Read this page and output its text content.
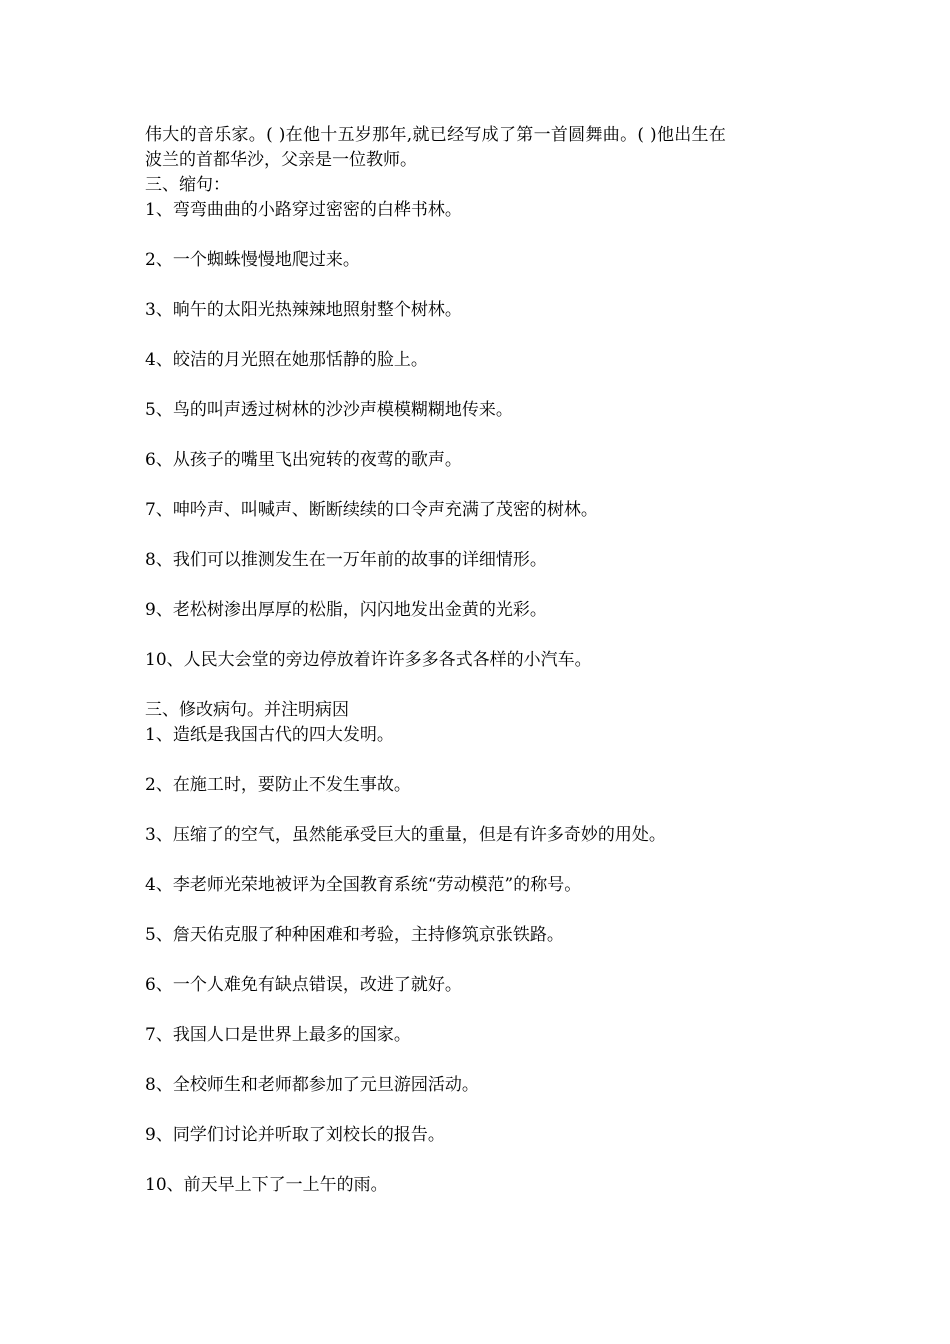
伟大的音乐家。( )在他十五岁那年,就已经写成了第一首圆舞曲。( )他出生在
波兰的首都华沙，父亲是一位教师。
三、缩句：
1、弯弯曲曲的小路穿过密密的白桦书林。
2、一个蜘蛛慢慢地爬过来。
3、晌午的太阳光热辣辣地照射整个树林。
4、皎洁的月光照在她那恬静的脸上。
5、鸟的叫声透过树林的沙沙声模模糊糊地传来。
6、从孩子的嘴里飞出宛转的夜莺的歌声。
7、呻吟声、叫喊声、断断续续的口令声充满了茂密的树林。
8、我们可以推测发生在一万年前的故事的详细情形。
9、老松树渗出厚厚的松脂，闪闪地发出金黄的光彩。
10、人民大会堂的旁边停放着许许多多各式各样的小汽车。
三、修改病句。并注明病因
1、造纸是我国古代的四大发明。
2、在施工时，要防止不发生事故。
3、压缩了的空气，虽然能承受巨大的重量，但是有许多奇妙的用处。
4、李老师光荣地被评为全国教育系统“劳动模范”的称号。
5、詹天佑克服了种种困难和考验，主持修筑京张铁路。
6、一个人难免有缺点错误，改进了就好。
7、我国人口是世界上最多的国家。
8、全校师生和老师都参加了元旦游园活动。
9、同学们讨论并听取了刘校长的报告。
10、前天早上下了一上午的雨。
